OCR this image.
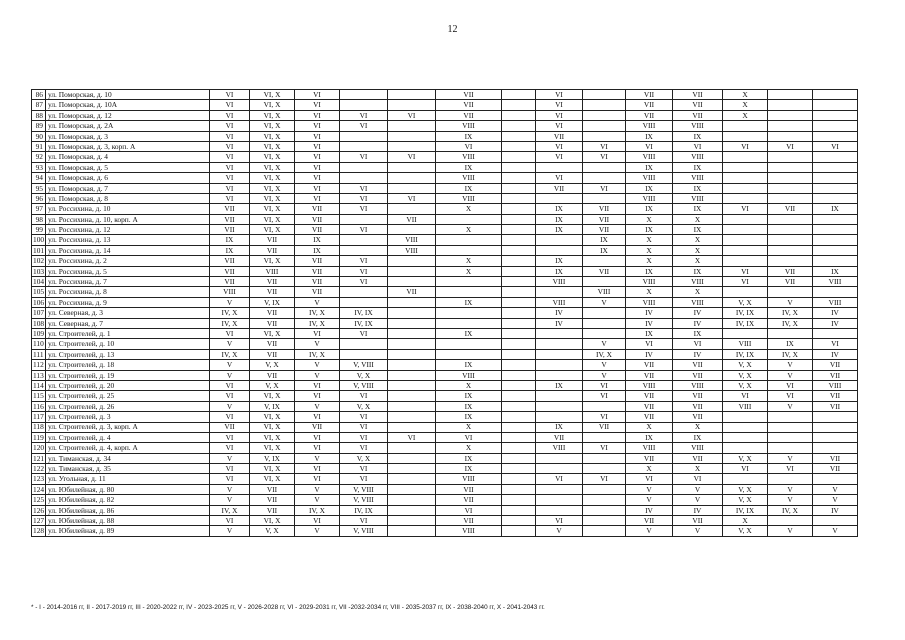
12
86	ул. Поморская, д. 10	VI	VI, X	VI			VII		VI		VII	VII	X		
87	ул. Поморская, д. 10А	VI	VI, X	VI			VII		VI		VII	VII	X		
88	ул. Поморская, д. 12	VI	VI, X	VI	VI	VI	VII		VI		VII	VII	X		
89	ул. Поморская, д. 2А	VI	VI, X	VI	VI		VIII		VI		VIII	VIII			
90	ул. Поморская, д. 3	VI	VI, X	VI			IX		VII		IX	IX			
91	ул. Поморская, д. 3, корп. А	VI	VI, X	VI			VI		VI	VI	VI	VI	VI	VI	VI
92	ул. Поморская, д. 4	VI	VI, X	VI	VI	VI	VIII		VI	VI	VIII	VIII			
93	ул. Поморская, д. 5	VI	VI, X	VI			IX				IX	IX			
94	ул. Поморская, д. 6	VI	VI, X	VI			VIII		VI		VIII	VIII			
95	ул. Поморская, д. 7	VI	VI, X	VI	VI		IX		VII	VI	IX	IX			
96	ул. Поморская, д. 8	VI	VI, X	VI	VI	VI	VIII				VIII	VIII			
97	ул. Россихина, д. 10	VII	VI, X	VII	VI		X		IX	VII	IX	IX	VI	VII	IX
98	ул. Россихина, д. 10, корп. А	VII	VI, X	VII		VII			IX	VII	X	X			
99	ул. Россихина, д. 12	VII	VI, X	VII	VI		X		IX	VII	IX	IX			
100	ул. Россихина, д. 13	IX	VII	IX		VIII				IX	X	X			
101	ул. Россихина, д. 14	IX	VII	IX		VIII				IX	X	X			
102	ул. Россихина, д. 2	VII	VI, X	VII	VI		X		IX		X	X			
103	ул. Россихина, д. 5	VII	VIII	VII	VI		X		IX	VII	IX	IX	VI	VII	IX
104	ул. Россихина, д. 7	VII	VII	VII	VI				VIII		VIII	VIII	VI	VII	VIII
105	ул. Россихина, д. 8	VIII	VII	VII		VII				VIII	X	X			
106	ул. Россихина, д. 9	V	V, IX	V			IX		VIII	V	VIII	VIII	V, X	V	VIII
107	ул. Северная, д. 3	IV, X	VII	IV, X	IV, IX				IV		IV	IV	IV, IX	IV, X	IV
108	ул. Северная, д. 7	IV, X	VII	IV, X	IV, IX				IV		IV	IV	IV, IX	IV, X	IV
109	ул. Строителей, д. 1	VI	VI, X	VI	VI		IX				IX	IX			
110	ул. Строителей, д. 10	V	VII	V						V	VI	VI	VIII	IX	VI
111	ул. Строителей, д. 13	IV, X	VII	IV, X						IV, X	IV	IV	IV, IX	IV, X	IV
112	ул. Строителей, д. 18	V	V, X	V	V, VIII		IX			V	VII	VII	V, X	V	VII
113	ул. Строителей, д. 19	V	VII	V	V, X		VIII			V	VII	VII	V, X	V	VII
114	ул. Строителей, д. 20	VI	V, X	VI	V, VIII		X		IX	VI	VIII	VIII	V, X	VI	VIII
115	ул. Строителей, д. 25	VI	VI, X	VI	VI		IX			VI	VII	VII	VI	VI	VII
116	ул. Строителей, д. 26	V	V, IX	V	V, X		IX				VII	VII	VIII	V	VII
117	ул. Строителей, д. 3	VI	VI, X	VI	VI		IX			VI	VII	VII			
118	ул. Строителей, д. 3, корп. А	VII	VI, X	VII	VI		X		IX	VII	X	X			
119	ул. Строителей, д. 4	VI	VI, X	VI	VI	VI	VI		VII		IX	IX			
120	ул. Строителей, д. 4, корп. А	VI	VI, X	VI	VI		X		VIII	VI	VIII	VIII			
121	ул. Тиманская, д. 34	V	V, IX	V	V, X		IX				VII	VII	V, X	V	VII
122	ул. Тиманская, д. 35	VI	VI, X	VI	VI		IX				X	X	VI	VI	VII
123	ул. Угольная, д. 11	VI	VI, X	VI	VI		VIII		VI	VI	VI	VI			
124	ул. Юбилейная, д. 80	V	VII	V	V, VIII		VII				V	V	V, X	V	V
125	ул. Юбилейная, д. 82	V	VII	V	V, VIII		VII				V	V	V, X	V	V
126	ул. Юбилейная, д. 86	IV, X	VII	IV, X	IV, IX		VI				IV	IV	IV, IX	IV, X	IV
127	ул. Юбилейная, д. 88	VI	VI, X	VI	VI		VII		VI		VII	VII	X		
128	ул. Юбилейная, д. 89	V	V, X	V	V, VIII		VIII		V		V	V	V, X	V	V
* - I - 2014-2016 гг, II - 2017-2019 гг, III - 2020-2022 гг, IV - 2023-2025 гг, V - 2026-2028 гг, VI - 2029-2031 гг, VII -2032-2034 гг, VIII - 2035-2037 гг, IX - 2038-2040 гг, X - 2041-2043 гг.
